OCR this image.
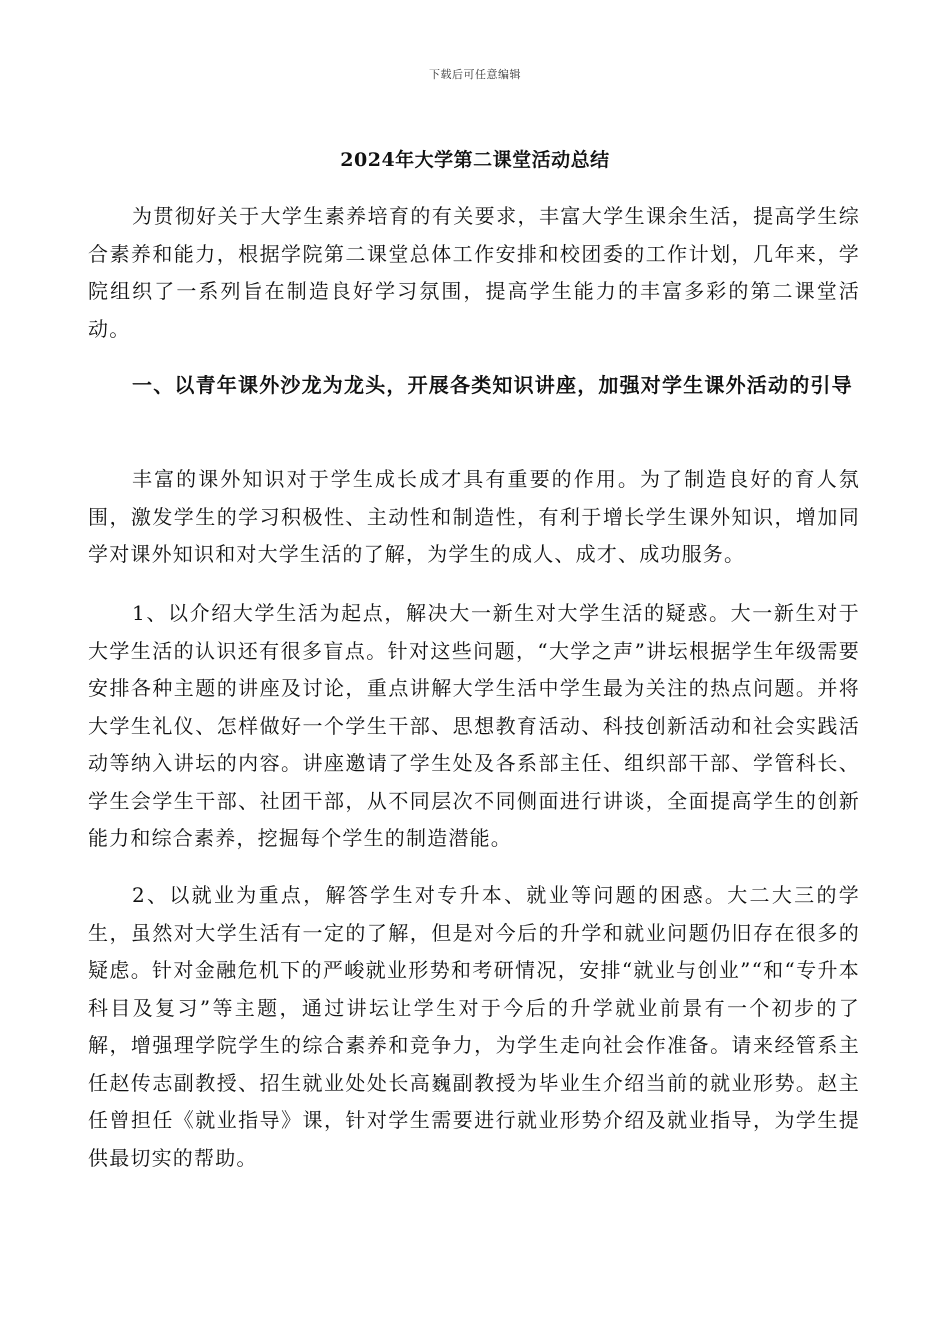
下载后可任意编辑
2024年大学第二课堂活动总结

为贯彻好关于大学生素养培育的有关要求，丰富大学生课余生活，提高学生综合素养和能力，根据学院第二课堂总体工作安排和校团委的工作计划，几年来，学院组织了一系列旨在制造良好学习氛围，提高学生能力的丰富多彩的第二课堂活动。

一、以青年课外沙龙为龙头，开展各类知识讲座，加强对学生课外活动的引导

丰富的课外知识对于学生成长成才具有重要的作用。为了制造良好的育人氛围，激发学生的学习积极性、主动性和制造性，有利于增长学生课外知识，增加同学对课外知识和对大学生活的了解，为学生的成人、成才、成功服务。

1、以介绍大学生活为起点，解决大一新生对大学生活的疑惑。大一新生对于大学生活的认识还有很多盲点。针对这些问题，“大学之声”讲坛根据学生年级需要安排各种主题的讲座及讨论，重点讲解大学生活中学生最为关注的热点问题。并将大学生礼仪、怎样做好一个学生干部、思想教育活动、科技创新活动和社会实践活动等纳入讲坛的内容。讲座邀请了学生处及各系部主任、组织部干部、学管科长、学生会学生干部、社团干部，从不同层次不同侧面进行讲谈，全面提高学生的创新能力和综合素养，挖掘每个学生的制造潜能。

2、以就业为重点，解答学生对专升本、就业等问题的困惑。大二大三的学生，虽然对大学生活有一定的了解，但是对今后的升学和就业问题仍旧存在很多的疑虑。针对金融危机下的严峻就业形势和考研情况，安排“就业与创业”“和“专升本科目及复习”等主题，通过讲坛让学生对于今后的升学就业前景有一个初步的了解，增强理学院学生的综合素养和竞争力，为学生走向社会作准备。请来经管系主任赵传志副教授、招生就业处处长高巍副教授为毕业生介绍当前的就业形势。赵主任曾担任《就业指导》课，针对学生需要进行就业形势介绍及就业指导，为学生提供最切实的帮助。
